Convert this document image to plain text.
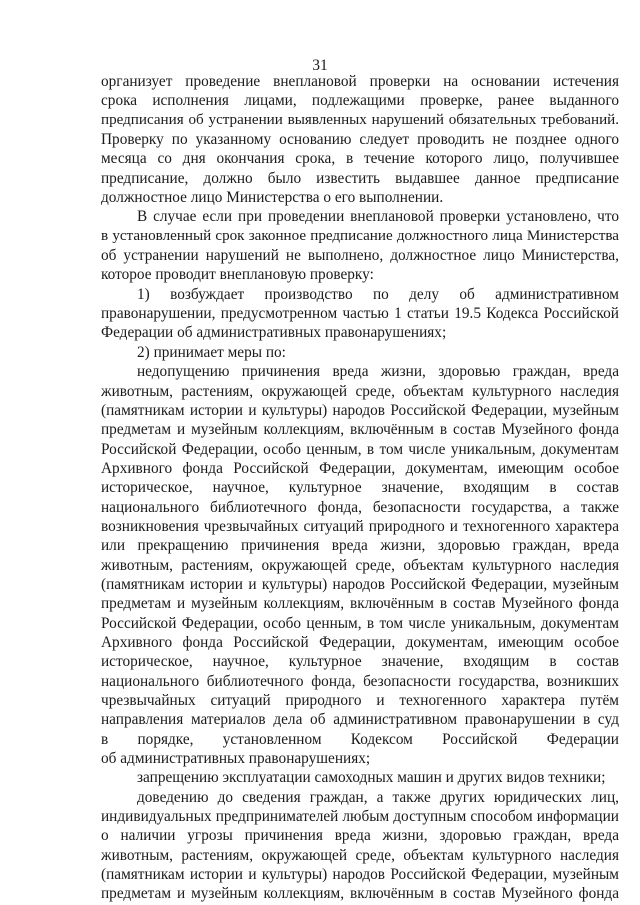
31
организует проведение внеплановой проверки на основании истечения
срока исполнения лицами, подлежащими проверке, ранее выданного
предписания об устранении выявленных нарушений обязательных требований.
Проверку по указанному основанию следует проводить не позднее одного
месяца со дня окончания срока, в течение которого лицо, получившее
предписание, должно было известить выдавшее данное предписание
должностное лицо Министерства о его выполнении.
В случае если при проведении внеплановой проверки установлено, что
в установленный срок законное предписание должностного лица Министерства
об устранении нарушений не выполнено, должностное лицо Министерства,
которое проводит внеплановую проверку:
1) возбуждает производство по делу об административном
правонарушении, предусмотренном частью 1 статьи 19.5 Кодекса Российской
Федерации об административных правонарушениях;
2) принимает меры по:
недопущению причинения вреда жизни, здоровью граждан, вреда
животным, растениям, окружающей среде, объектам культурного наследия
(памятникам истории и культуры) народов Российской Федерации, музейным
предметам и музейным коллекциям, включённым в состав Музейного фонда
Российской Федерации, особо ценным, в том числе уникальным, документам
Архивного фонда Российской Федерации, документам, имеющим особое
историческое, научное, культурное значение, входящим в состав
национального библиотечного фонда, безопасности государства, а также
возникновения чрезвычайных ситуаций природного и техногенного характера
или прекращению причинения вреда жизни, здоровью граждан, вреда
животным, растениям, окружающей среде, объектам культурного наследия
(памятникам истории и культуры) народов Российской Федерации, музейным
предметам и музейным коллекциям, включённым в состав Музейного фонда
Российской Федерации, особо ценным, в том числе уникальным, документам
Архивного фонда Российской Федерации, документам, имеющим особое
историческое, научное, культурное значение, входящим в состав
национального библиотечного фонда, безопасности государства, возникших
чрезвычайных ситуаций природного и техногенного характера путём
направления материалов дела об административном правонарушении в суд
в порядке, установленном Кодексом Российской Федерации
об административных правонарушениях;
запрещению эксплуатации самоходных машин и других видов техники;
доведению до сведения граждан, а также других юридических лиц,
индивидуальных предпринимателей любым доступным способом информации
о наличии угрозы причинения вреда жизни, здоровью граждан, вреда
животным, растениям, окружающей среде, объектам культурного наследия
(памятникам истории и культуры) народов Российской Федерации, музейным
предметам и музейным коллекциям, включённым в состав Музейного фонда
